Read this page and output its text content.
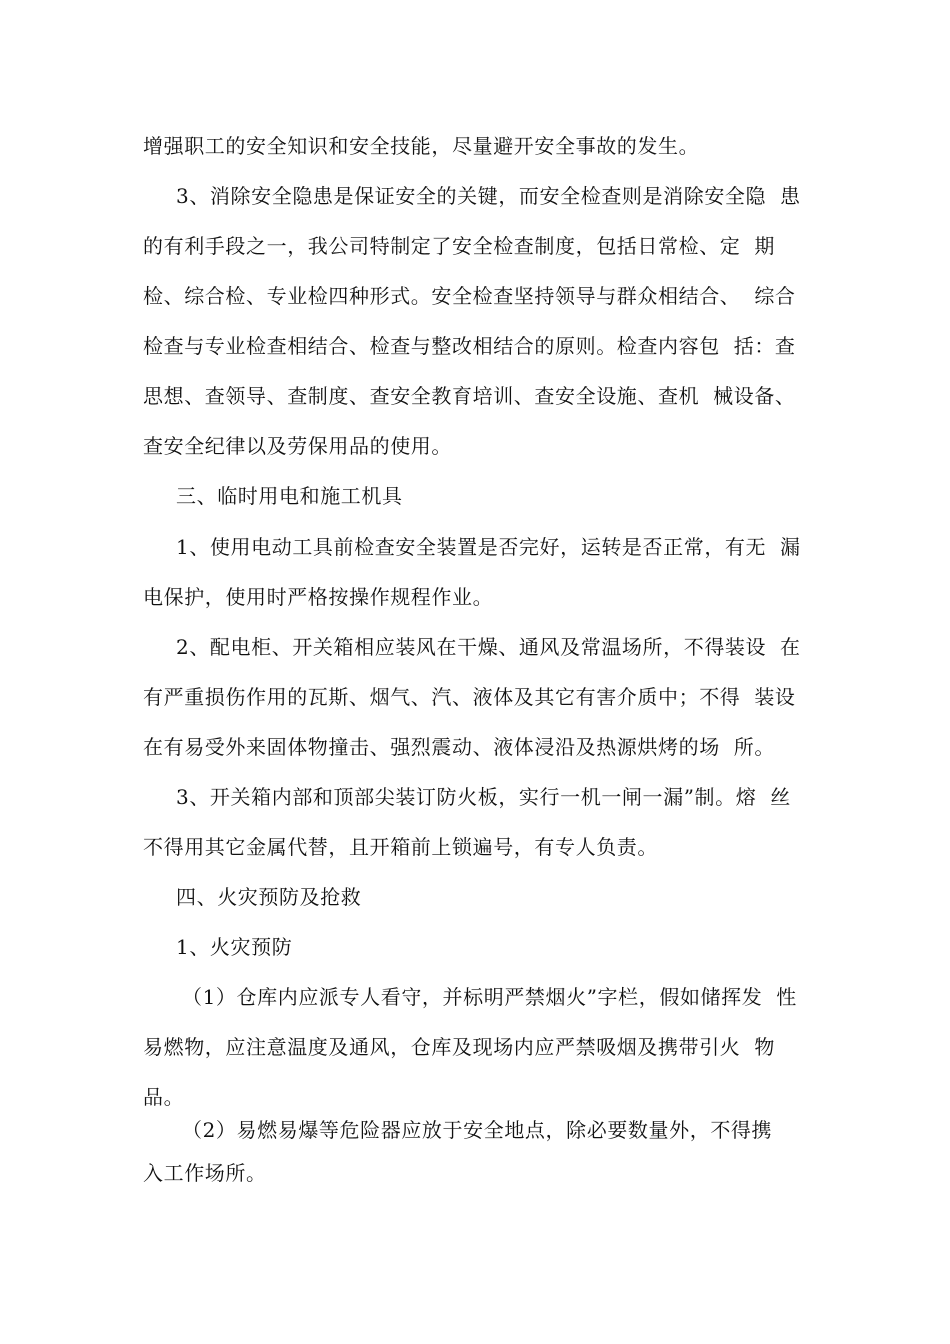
增强职工的安全知识和安全技能，尽量避开安全事故的发生。
3、消除安全隐患是保证安全的关键，而安全检查则是消除安全隐  患
的有利手段之一，我公司特制定了安全检查制度，包括日常检、定  期
检、综合检、专业检四种形式。安全检查坚持领导与群众相结合、  综合
检查与专业检查相结合、检查与整改相结合的原则。检查内容包  括：查
思想、查领导、查制度、查安全教育培训、查安全设施、查机  械设备、
查安全纪律以及劳保用品的使用。
三、临时用电和施工机具
1、使用电动工具前检查安全装置是否完好，运转是否正常，有无  漏
电保护，使用时严格按操作规程作业。
2、配电柜、开关箱相应装风在干燥、通风及常温场所，不得装设  在
有严重损伤作用的瓦斯、烟气、汽、液体及其它有害介质中；不得  装设
在有易受外来固体物撞击、强烈震动、液体浸沿及热源烘烤的场  所。
3、开关箱内部和顶部尖装订防火板，实行一机一闸一漏”制。熔  丝
不得用其它金属代替，且开箱前上锁遍号，有专人负责。
四、火灾预防及抢救
1、火灾预防
（1）仓库内应派专人看守，并标明严禁烟火”字栏，假如储挥发  性
易燃物，应注意温度及通风，仓库及现场内应严禁吸烟及携带引火  物
品。
（2）易燃易爆等危险器应放于安全地点，除必要数量外，不得携
入工作场所。
